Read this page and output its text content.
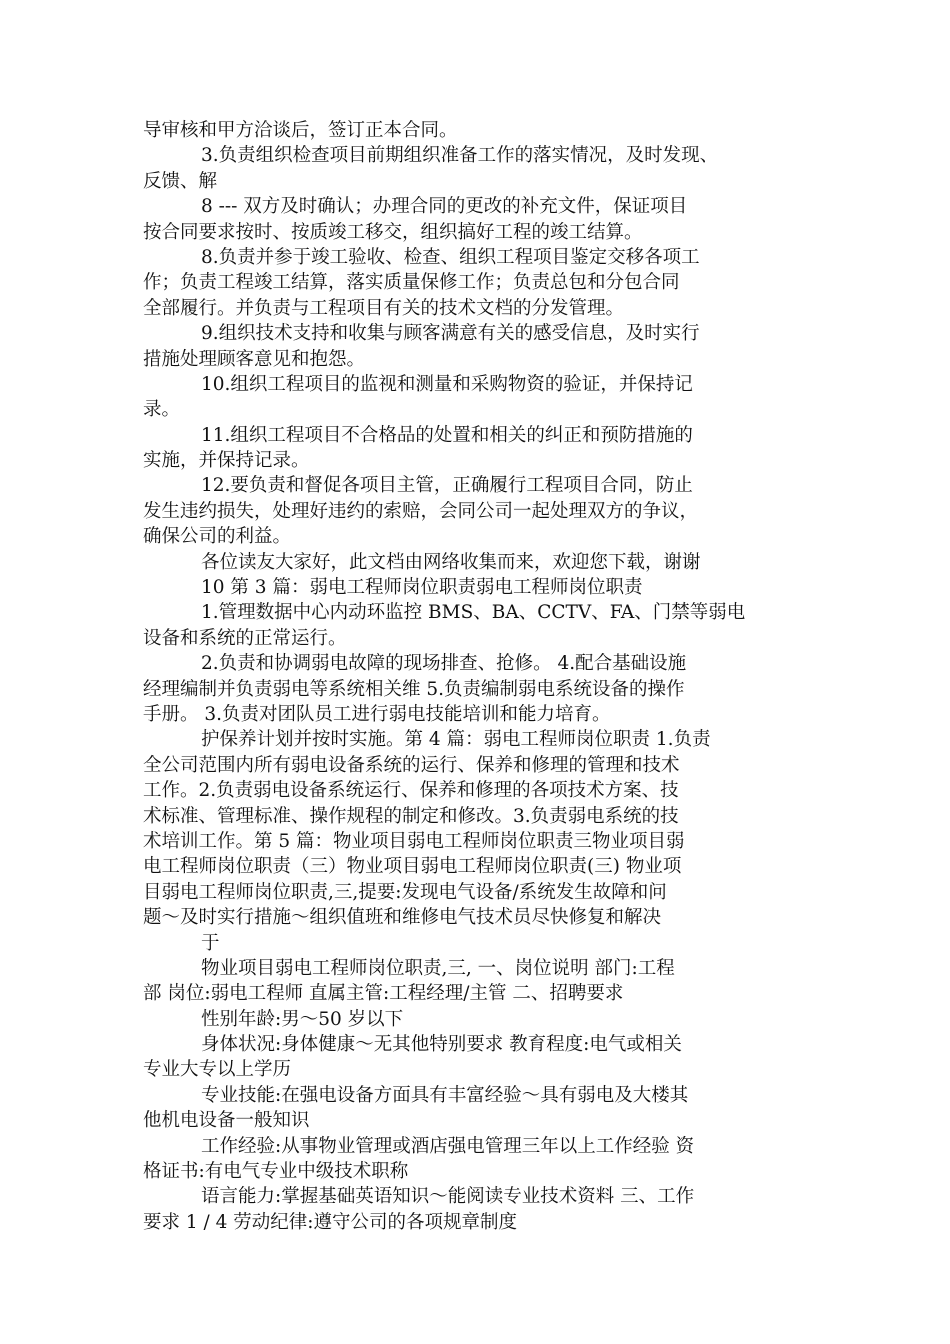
导审核和甲方洽谈后，签订正本合同。
3.负责组织检查项目前期组织准备工作的落实情况，及时发现、
反馈、解
8 --- 双方及时确认；办理合同的更改的补充文件，保证项目
按合同要求按时、按质竣工移交，组织搞好工程的竣工结算。
8.负责并参于竣工验收、检查、组织工程项目鉴定交移各项工
作；负责工程竣工结算，落实质量保修工作；负责总包和分包合同
全部履行。并负责与工程项目有关的技术文档的分发管理。
9.组织技术支持和收集与顾客满意有关的感受信息，及时实行
措施处理顾客意见和抱怨。
10.组织工程项目的监视和测量和采购物资的验证，并保持记
录。
11.组织工程项目不合格品的处置和相关的纠正和预防措施的
实施，并保持记录。
12.要负责和督促各项目主管，正确履行工程项目合同，防止
发生违约损失，处理好违约的索赔，会同公司一起处理双方的争议，
确保公司的利益。
各位读友大家好，此文档由网络收集而来，欢迎您下载，谢谢
10 第 3 篇：弱电工程师岗位职责弱电工程师岗位职责
1.管理数据中心内动环监控 BMS、BA、CCTV、FA、门禁等弱电
设备和系统的正常运行。
2.负责和协调弱电故障的现场排查、抢修。 4.配合基础设施
经理编制并负责弱电等系统相关维 5.负责编制弱电系统设备的操作
手册。 3.负责对团队员工进行弱电技能培训和能力培育。
护保养计划并按时实施。第 4 篇：弱电工程师岗位职责 1.负责
全公司范围内所有弱电设备系统的运行、保养和修理的管理和技术
工作。2.负责弱电设备系统运行、保养和修理的各项技术方案、技
术标准、管理标准、操作规程的制定和修改。3.负责弱电系统的技
术培训工作。第 5 篇：物业项目弱电工程师岗位职责三物业项目弱
电工程师岗位职责（三）物业项目弱电工程师岗位职责(三) 物业项
目弱电工程师岗位职责,三,提要:发现电气设备/系统发生故障和问
题～及时实行措施～组织值班和维修电气技术员尽快修复和解决
于
物业项目弱电工程师岗位职责,三, 一、岗位说明 部门:工程
部 岗位:弱电工程师 直属主管:工程经理/主管 二、招聘要求
性别年龄:男～50 岁以下
身体状况:身体健康～无其他特别要求 教育程度:电气或相关
专业大专以上学历
专业技能:在强电设备方面具有丰富经验～具有弱电及大楼其
他机电设备一般知识
工作经验:从事物业管理或酒店强电管理三年以上工作经验 资
格证书:有电气专业中级技术职称
语言能力:掌握基础英语知识～能阅读专业技术资料 三、工作
要求 1 / 4 劳动纪律:遵守公司的各项规章制度
